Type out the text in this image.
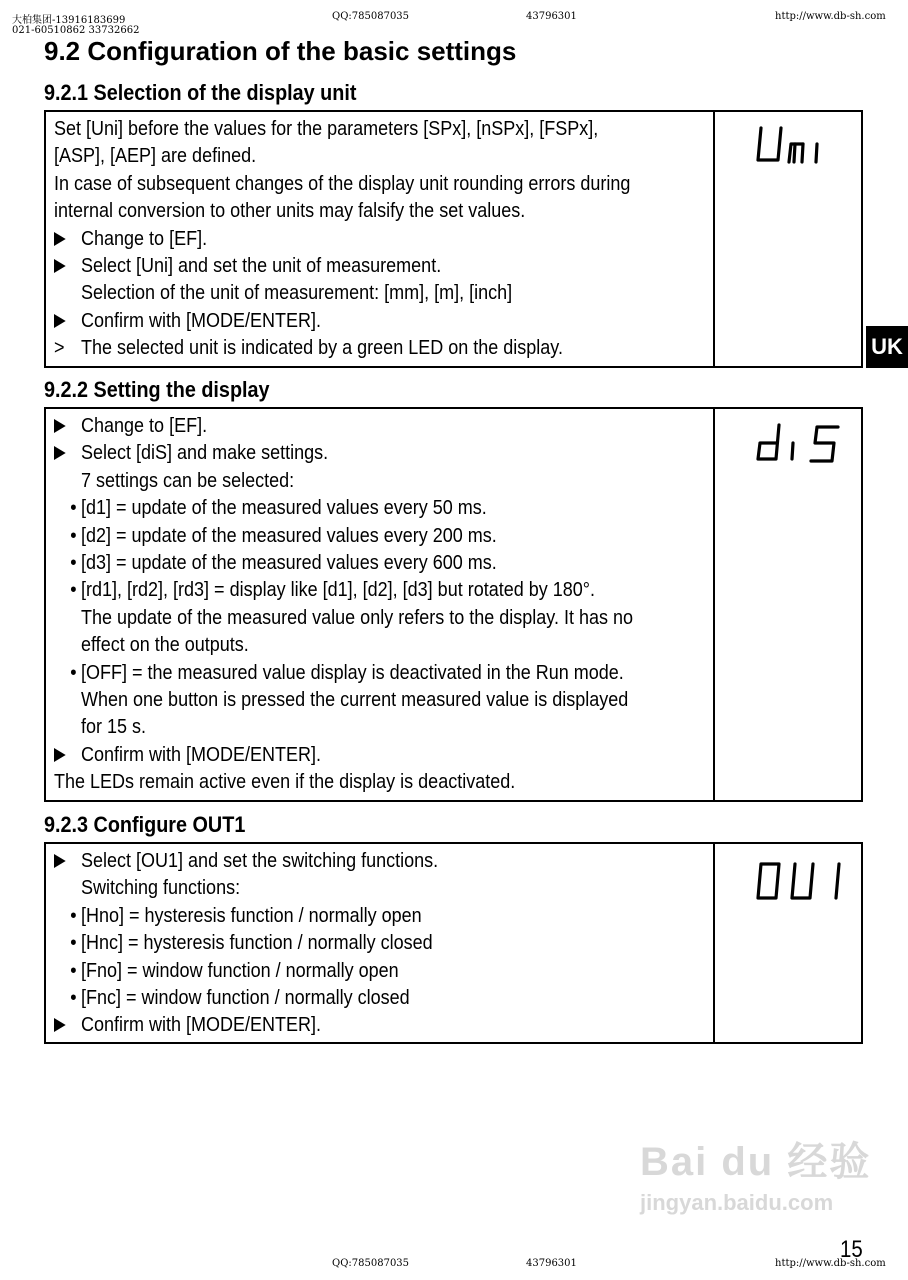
大柏集团-13916183699
021-60510862 33732662
QQ:785087035	43796301	http://www.db-sh.com
9.2 Configuration of the basic settings
9.2.1 Selection of the display unit
Set [Uni] before the values for the parameters [SPx], [nSPx], [FSPx],
[ASP], [AEP] are defined.
In case of subsequent changes of the display unit rounding errors during
internal conversion to other units may falsify the set values.
Change to [EF].
Select [Uni] and set the unit of measurement.
Selection of the unit of measurement: [mm], [m], [inch]
Confirm with [MODE/ENTER].
> The selected unit is indicated by a green LED on the display.	UK
9.2.2 Setting the display
Change to [EF].
Select [diS] and make settings.
7 settings can be selected:
• [d1] = update of the measured values every 50 ms.
• [d2] = update of the measured values every 200 ms.
• [d3] = update of the measured values every 600 ms.
• [rd1], [rd2], [rd3] = display like [d1], [d2], [d3] but rotated by 180°.
The update of the measured value only refers to the display. It has no
effect on the outputs.
• [OFF] = the measured value display is deactivated in the Run mode.
When one button is pressed the current measured value is displayed
for 15 s.
Confirm with [MODE/ENTER].
The LEDs remain active even if the display is deactivated.
9.2.3 Configure OUT1
Select [OU1] and set the switching functions.
Switching functions:
• [Hno] = hysteresis function / normally open
• [Hnc] = hysteresis function / normally closed
• [Fno] = window function / normally open
• [Fnc] = window function / normally closed
Confirm with [MODE/ENTER].
Bai du 经验
jingyan.baidu.com
15
QQ:785087035	43796301	http://www.db-sh.com
